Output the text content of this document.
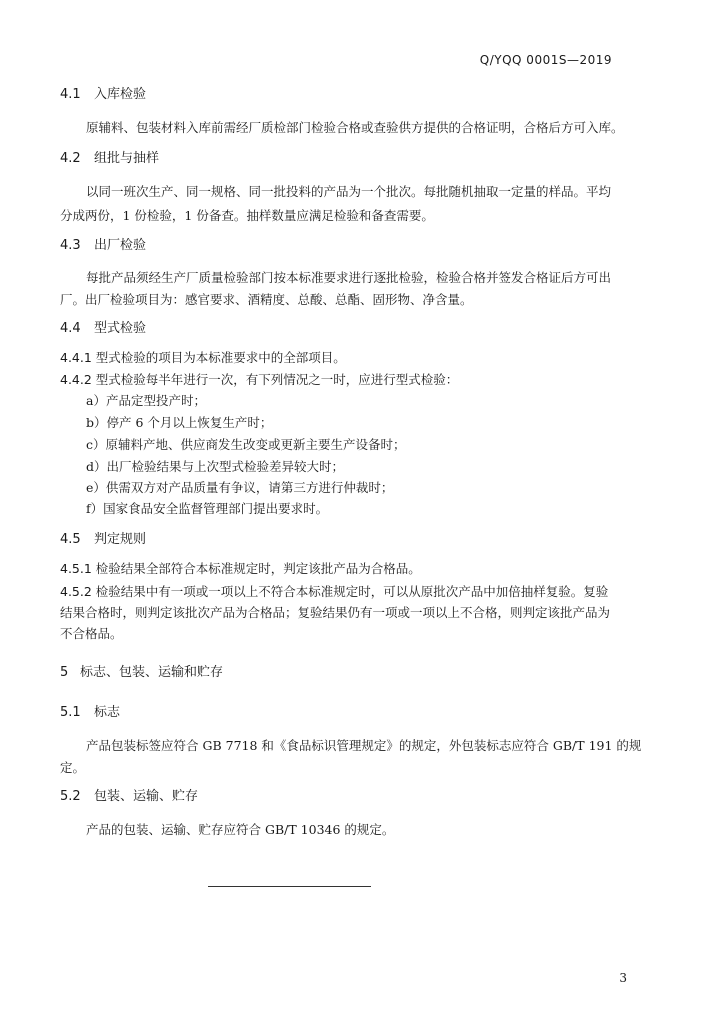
Q/YQQ 0001S—2019
4.1 入库检验
原辅料、包装材料入库前需经厂质检部门检验合格或查验供方提供的合格证明，合格后方可入库。
4.2 组批与抽样
以同一班次生产、同一规格、同一批投料的产品为一个批次。每批随机抽取一定量的样品。平均
分成两份，1 份检验，1 份备查。抽样数量应满足检验和备查需要。
4.3 出厂检验
每批产品须经生产厂质量检验部门按本标准要求进行逐批检验，检验合格并签发合格证后方可出
厂。出厂检验项目为：感官要求、酒精度、总酸、总酯、固形物、净含量。
4.4 型式检验
4.4.1 型式检验的项目为本标准要求中的全部项目。
4.4.2 型式检验每半年进行一次，有下列情况之一时，应进行型式检验：
a）产品定型投产时；
b）停产 6 个月以上恢复生产时；
c）原辅料产地、供应商发生改变或更新主要生产设备时；
d）出厂检验结果与上次型式检验差异较大时；
e）供需双方对产品质量有争议，请第三方进行仲裁时；
f）国家食品安全监督管理部门提出要求时。
4.5 判定规则
4.5.1 检验结果全部符合本标准规定时，判定该批产品为合格品。
4.5.2 检验结果中有一项或一项以上不符合本标准规定时，可以从原批次产品中加倍抽样复验。复验
结果合格时，则判定该批次产品为合格品；复验结果仍有一项或一项以上不合格，则判定该批产品为
不合格品。
5 标志、包装、运输和贮存
5.1 标志
产品包装标签应符合 GB 7718 和《食品标识管理规定》的规定，外包装标志应符合 GB/T 191 的规
定。
5.2 包装、运输、贮存
产品的包装、运输、贮存应符合 GB/T 10346 的规定。
3
